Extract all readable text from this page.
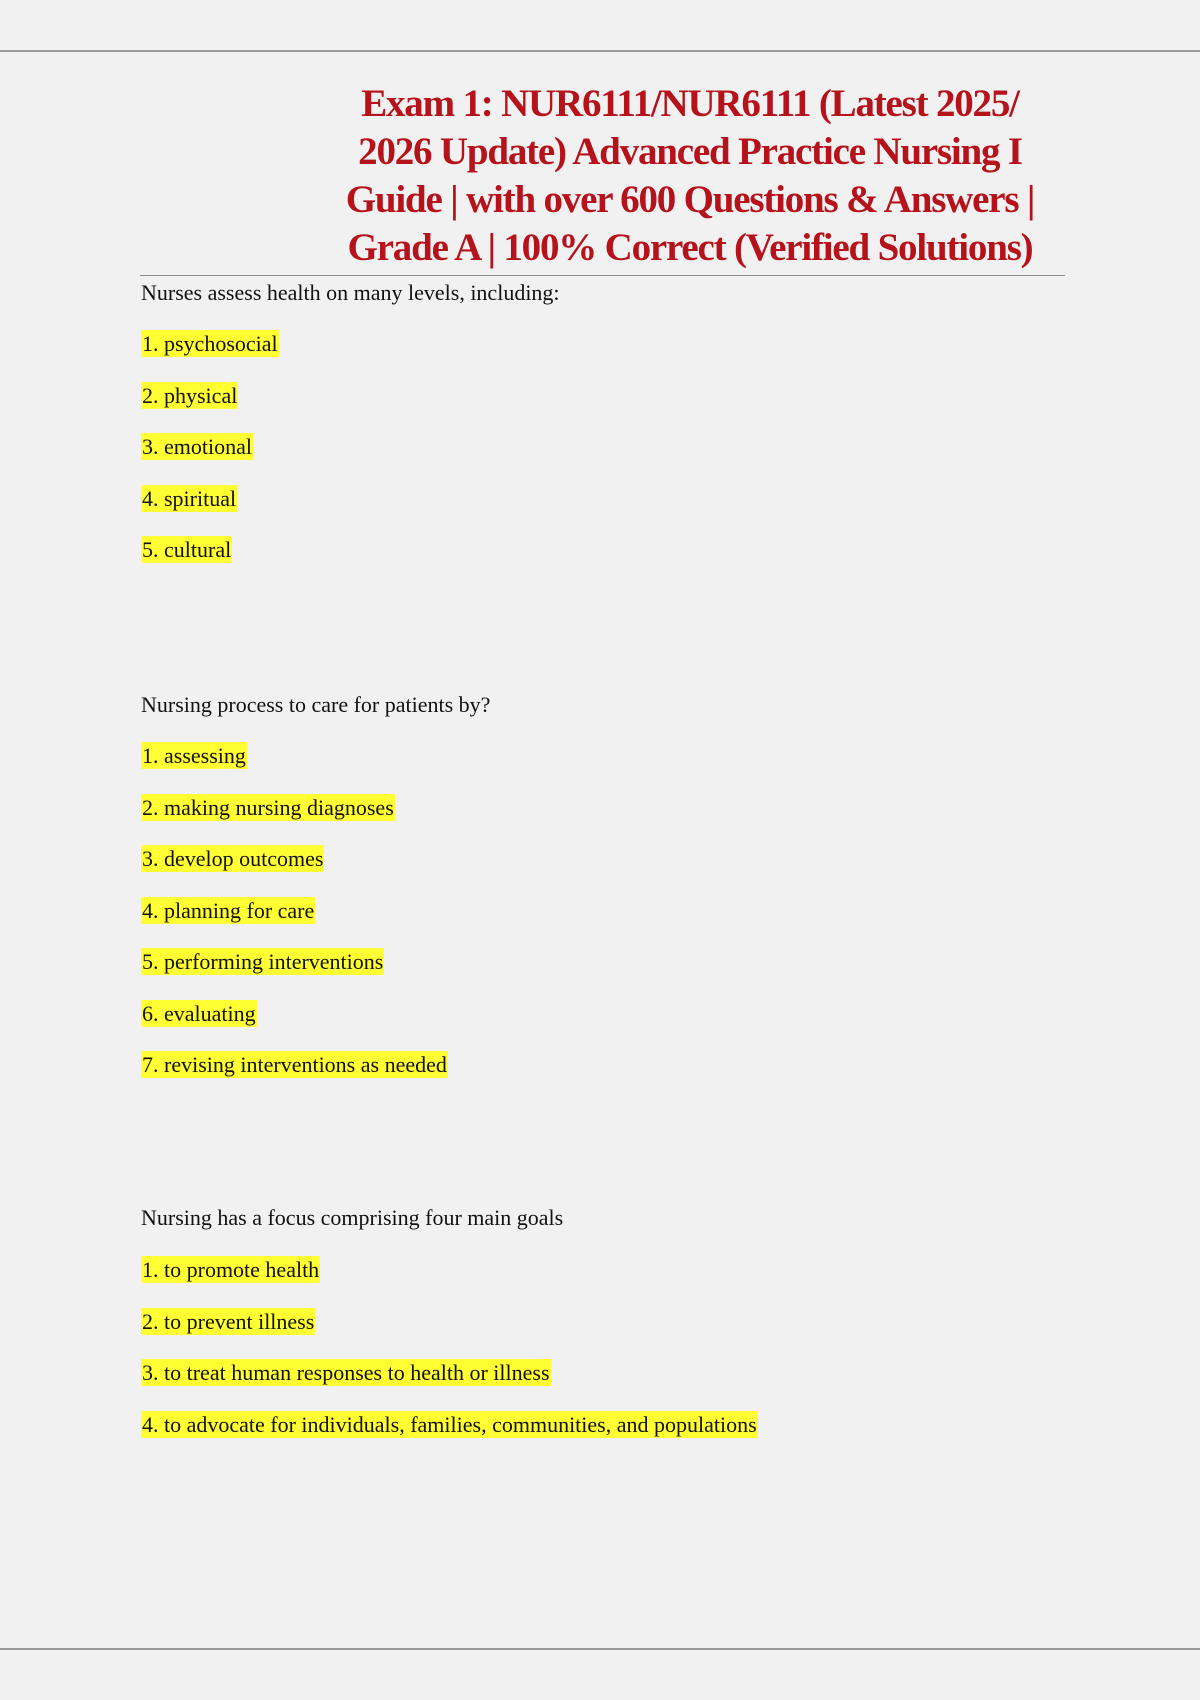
Exam 1: NUR6111/NUR6111 (Latest 2025/
2026 Update) Advanced Practice Nursing I
Guide | with over 600 Questions & Answers |
Grade A | 100% Correct (Verified Solutions)

Nurses assess health on many levels, including:

1. psychosocial
2. physical
3. emotional
4. spiritual
5. cultural

Nursing process to care for patients by?

1. assessing
2. making nursing diagnoses
3. develop outcomes
4. planning for care
5. performing interventions
6. evaluating
7. revising interventions as needed

Nursing has a focus comprising four main goals

1. to promote health
2. to prevent illness
3. to treat human responses to health or illness
4. to advocate for individuals, families, communities, and populations
